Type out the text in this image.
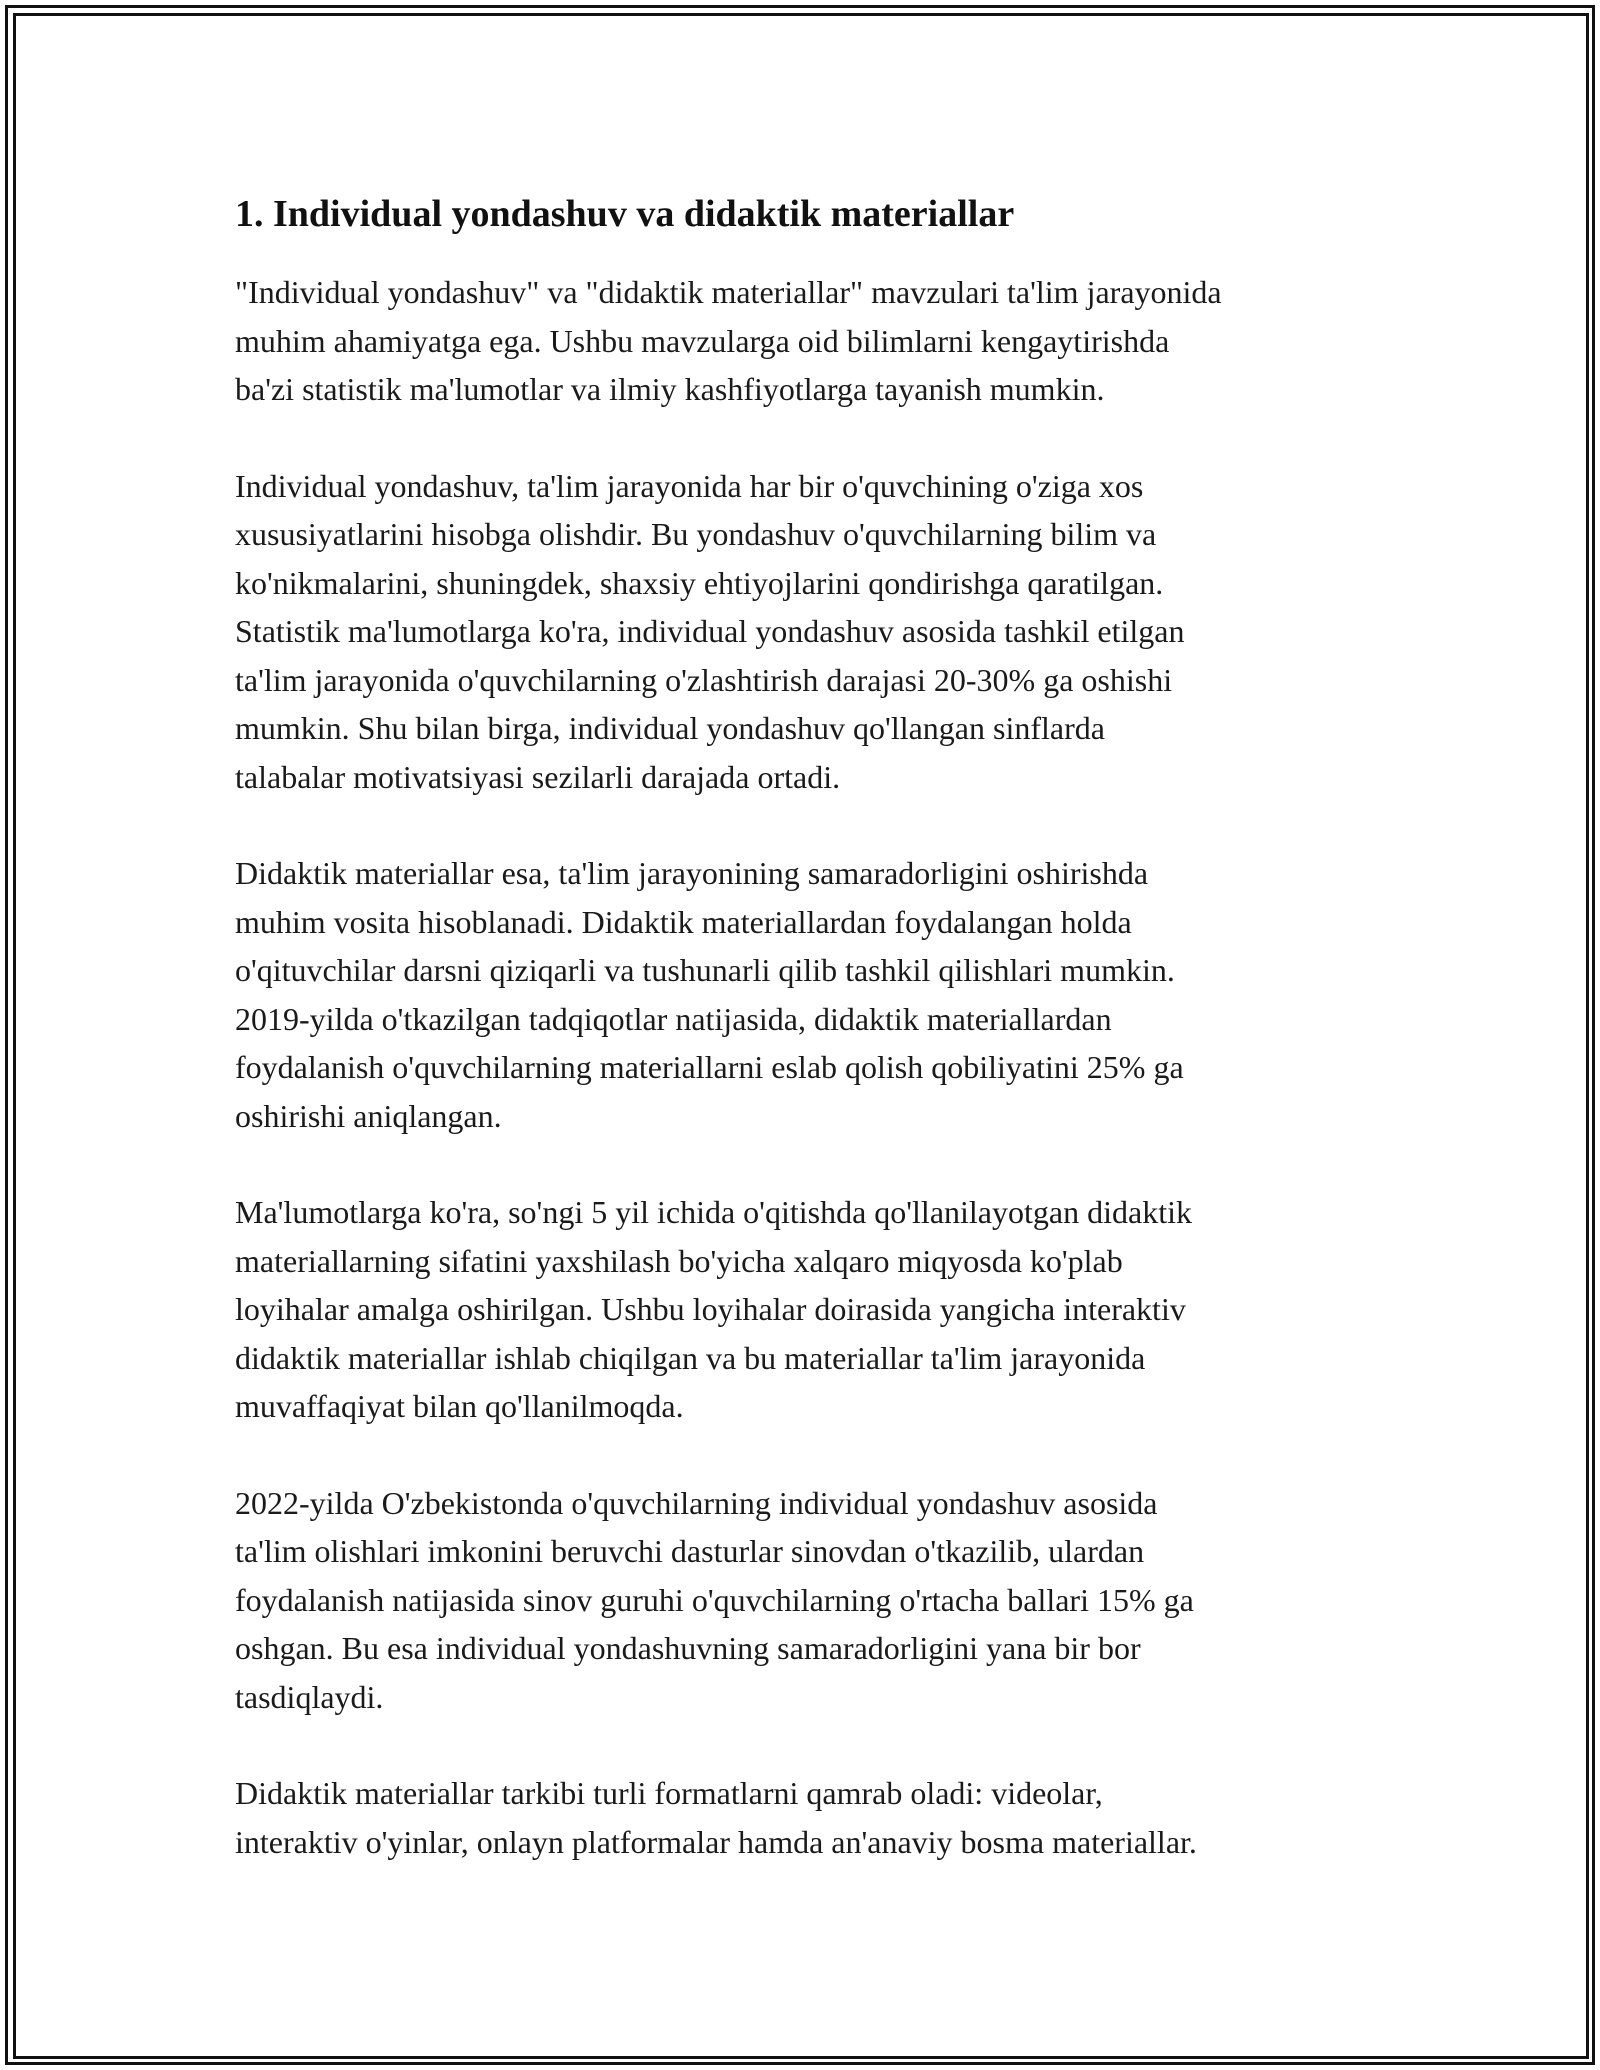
1. Individual yondashuv va didaktik materiallar

"Individual yondashuv" va "didaktik materiallar" mavzulari ta'lim jarayonida
muhim ahamiyatga ega. Ushbu mavzularga oid bilimlarni kengaytirishda
ba'zi statistik ma'lumotlar va ilmiy kashfiyotlarga tayanish mumkin.

Individual yondashuv, ta'lim jarayonida har bir o'quvchining o'ziga xos
xususiyatlarini hisobga olishdir. Bu yondashuv o'quvchilarning bilim va
ko'nikmalarini, shuningdek, shaxsiy ehtiyojlarini qondirishga qaratilgan.
Statistik ma'lumotlarga ko'ra, individual yondashuv asosida tashkil etilgan
ta'lim jarayonida o'quvchilarning o'zlashtirish darajasi 20-30% ga oshishi
mumkin. Shu bilan birga, individual yondashuv qo'llangan sinflarda
talabalar motivatsiyasi sezilarli darajada ortadi.

Didaktik materiallar esa, ta'lim jarayonining samaradorligini oshirishda
muhim vosita hisoblanadi. Didaktik materiallardan foydalangan holda
o'qituvchilar darsni qiziqarli va tushunarli qilib tashkil qilishlari mumkin.
2019-yilda o'tkazilgan tadqiqotlar natijasida, didaktik materiallardan
foydalanish o'quvchilarning materiallarni eslab qolish qobiliyatini 25% ga
oshirishi aniqlangan.

Ma'lumotlarga ko'ra, so'ngi 5 yil ichida o'qitishda qo'llanilayotgan didaktik
materiallarning sifatini yaxshilash bo'yicha xalqaro miqyosda ko'plab
loyihalar amalga oshirilgan. Ushbu loyihalar doirasida yangicha interaktiv
didaktik materiallar ishlab chiqilgan va bu materiallar ta'lim jarayonida
muvaffaqiyat bilan qo'llanilmoqda.

2022-yilda O'zbekistonda o'quvchilarning individual yondashuv asosida
ta'lim olishlari imkonini beruvchi dasturlar sinovdan o'tkazilib, ulardan
foydalanish natijasida sinov guruhi o'quvchilarning o'rtacha ballari 15% ga
oshgan. Bu esa individual yondashuvning samaradorligini yana bir bor
tasdiqlaydi.

Didaktik materiallar tarkibi turli formatlarni qamrab oladi: videolar,
interaktiv o'yinlar, onlayn platformalar hamda an'anaviy bosma materiallar.
